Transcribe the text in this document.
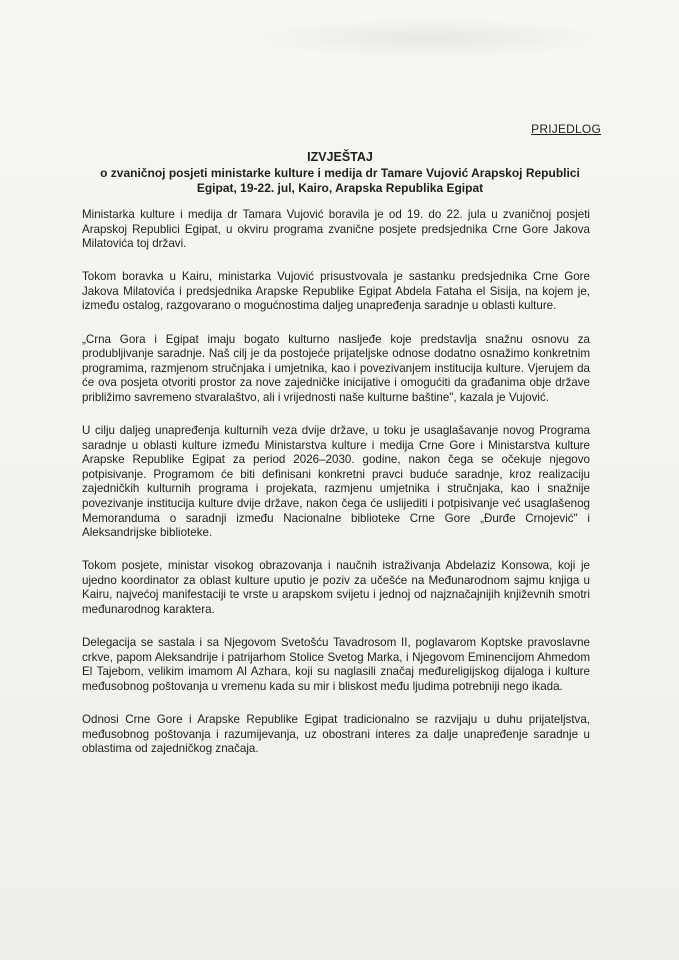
PRIJEDLOG
IZVJEŠTAJ
o zvaničnoj posjeti ministarke kulture i medija dr Tamare Vujović Arapskoj Republici
Egipat, 19-22. jul, Kairo, Arapska Republika Egipat

Ministarka kulture i medija dr Tamara Vujović boravila je od 19. do 22. jula u zvaničnoj posjeti Arapskoj Republici Egipat, u okviru programa zvanične posjete predsjednika Crne Gore Jakova Milatovića toj državi.

Tokom boravka u Kairu, ministarka Vujović prisustvovala je sastanku predsjednika Crne Gore Jakova Milatovića i predsjednika Arapske Republike Egipat Abdela Fataha el Sisija, na kojem je, između ostalog, razgovarano o mogućnostima daljeg unapređenja saradnje u oblasti kulture.

„Crna Gora i Egipat imaju bogato kulturno nasljeđe koje predstavlja snažnu osnovu za produbljivanje saradnje. Naš cilj je da postojeće prijateljske odnose dodatno osnažimo konkretnim programima, razmjenom stručnjaka i umjetnika, kao i povezivanjem institucija kulture. Vjerujem da će ova posjeta otvoriti prostor za nove zajedničke inicijative i omogućiti da građanima obje države približimo savremeno stvaralaštvo, ali i vrijednosti naše kulturne baštine", kazala je Vujović.

U cilju daljeg unapređenja kulturnih veza dvije države, u toku je usaglašavanje novog Programa saradnje u oblasti kulture između Ministarstva kulture i medija Crne Gore i Ministarstva kulture Arapske Republike Egipat za period 2026–2030. godine, nakon čega se očekuje njegovo potpisivanje. Programom će biti definisani konkretni pravci buduće saradnje, kroz realizaciju zajedničkih kulturnih programa i projekata, razmjenu umjetnika i stručnjaka, kao i snažnije povezivanje institucija kulture dvije države, nakon čega će uslijediti i potpisivanje već usaglašenog Memoranduma o saradnji između Nacionalne biblioteke Crne Gore „Đurđe Crnojević" i Aleksandrijske biblioteke.

Tokom posjete, ministar visokog obrazovanja i naučnih istraživanja Abdelaziz Konsowa, koji je ujedno koordinator za oblast kulture uputio je poziv za učešće na Međunarodnom sajmu knjiga u Kairu, najvećoj manifestaciji te vrste u arapskom svijetu i jednoj od najznačajnijih književnih smotri međunarodnog karaktera.

Delegacija se sastala i sa Njegovom Svetošću Tavadrosom II, poglavarom Koptske pravoslavne crkve, papom Aleksandrije i patrijarhom Stolice Svetog Marka, i Njegovom Eminencijom Ahmedom El Tajebom, velikim imamom Al Azhara, koji su naglasili značaj međureligijskog dijaloga i kulture međusobnog poštovanja u vremenu kada su mir i bliskost među ljudima potrebniji nego ikada.

Odnosi Crne Gore i Arapske Republike Egipat tradicionalno se razvijaju u duhu prijateljstva, međusobnog poštovanja i razumijevanja, uz obostrani interes za dalje unapređenje saradnje u oblastima od zajedničkog značaja.
